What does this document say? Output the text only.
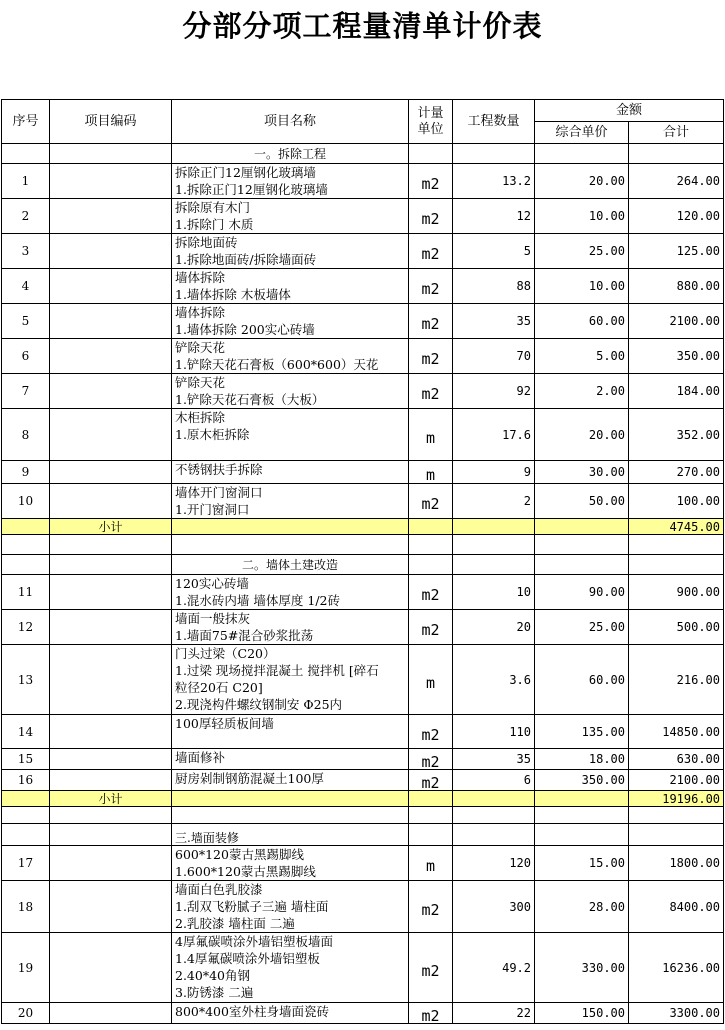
分部分项工程量清单计价表
序号	项目编码	项目名称	计量单位	工程数量	金额	
					综合单价	合计
		一。拆除工程				
1		拆除正门12厘钢化玻璃墙
1.拆除正门12厘钢化玻璃墙	m2	13.2	20.00	264.00
2		拆除原有木门
1.拆除门 木质	m2	12	10.00	120.00
3		拆除地面砖
1.拆除地面砖/拆除墙面砖	m2	5	25.00	125.00
4		墙体拆除
1.墙体拆除 木板墙体	m2	88	10.00	880.00
5		墙体拆除
1.墙体拆除 200实心砖墙	m2	35	60.00	2100.00
6		铲除天花
1.铲除天花石膏板（600*600）天花	m2	70	5.00	350.00
7		铲除天花
1.铲除天花石膏板（大板）	m2	92	2.00	184.00
8		木柜拆除
1.原木柜拆除	m	17.6	20.00	352.00
9		不锈钢扶手拆除	m	9	30.00	270.00
10		墙体开门窗洞口
1.开门窗洞口	m2	2	50.00	100.00
	小计					4745.00

		二。墙体土建改造				
11		120实心砖墙
1.混水砖内墙 墙体厚度 1/2砖	m2	10	90.00	900.00
12		墙面一般抹灰
1.墙面75#混合砂浆批荡	m2	20	25.00	500.00
13		门头过梁（C20）
1.过梁 现场搅拌混凝土 搅拌机 [碎石
粒径20石 C20]
2.现浇构件螺纹钢制安 Φ25内	m	3.6	60.00	216.00
14		100厚轻质板间墙	m2	110	135.00	14850.00
15		墙面修补	m2	35	18.00	630.00
16		厨房剁制钢筋混凝土100厚	m2	6	350.00	2100.00
	小计					19196.00

		三.墙面装修				
17		600*120蒙古黑踢脚线
1.600*120蒙古黑踢脚线	m	120	15.00	1800.00
18		墙面白色乳胶漆
1.刮双飞粉腻子三遍 墙柱面
2.乳胶漆 墙柱面 二遍	m2	300	28.00	8400.00
19		4厚氟碳喷涂外墙铝塑板墙面
1.4厚氟碳喷涂外墙铝塑板
2.40*40角钢
3.防锈漆 二遍	m2	49.2	330.00	16236.00
20		800*400室外柱身墙面瓷砖	m2	22	150.00	3300.00
